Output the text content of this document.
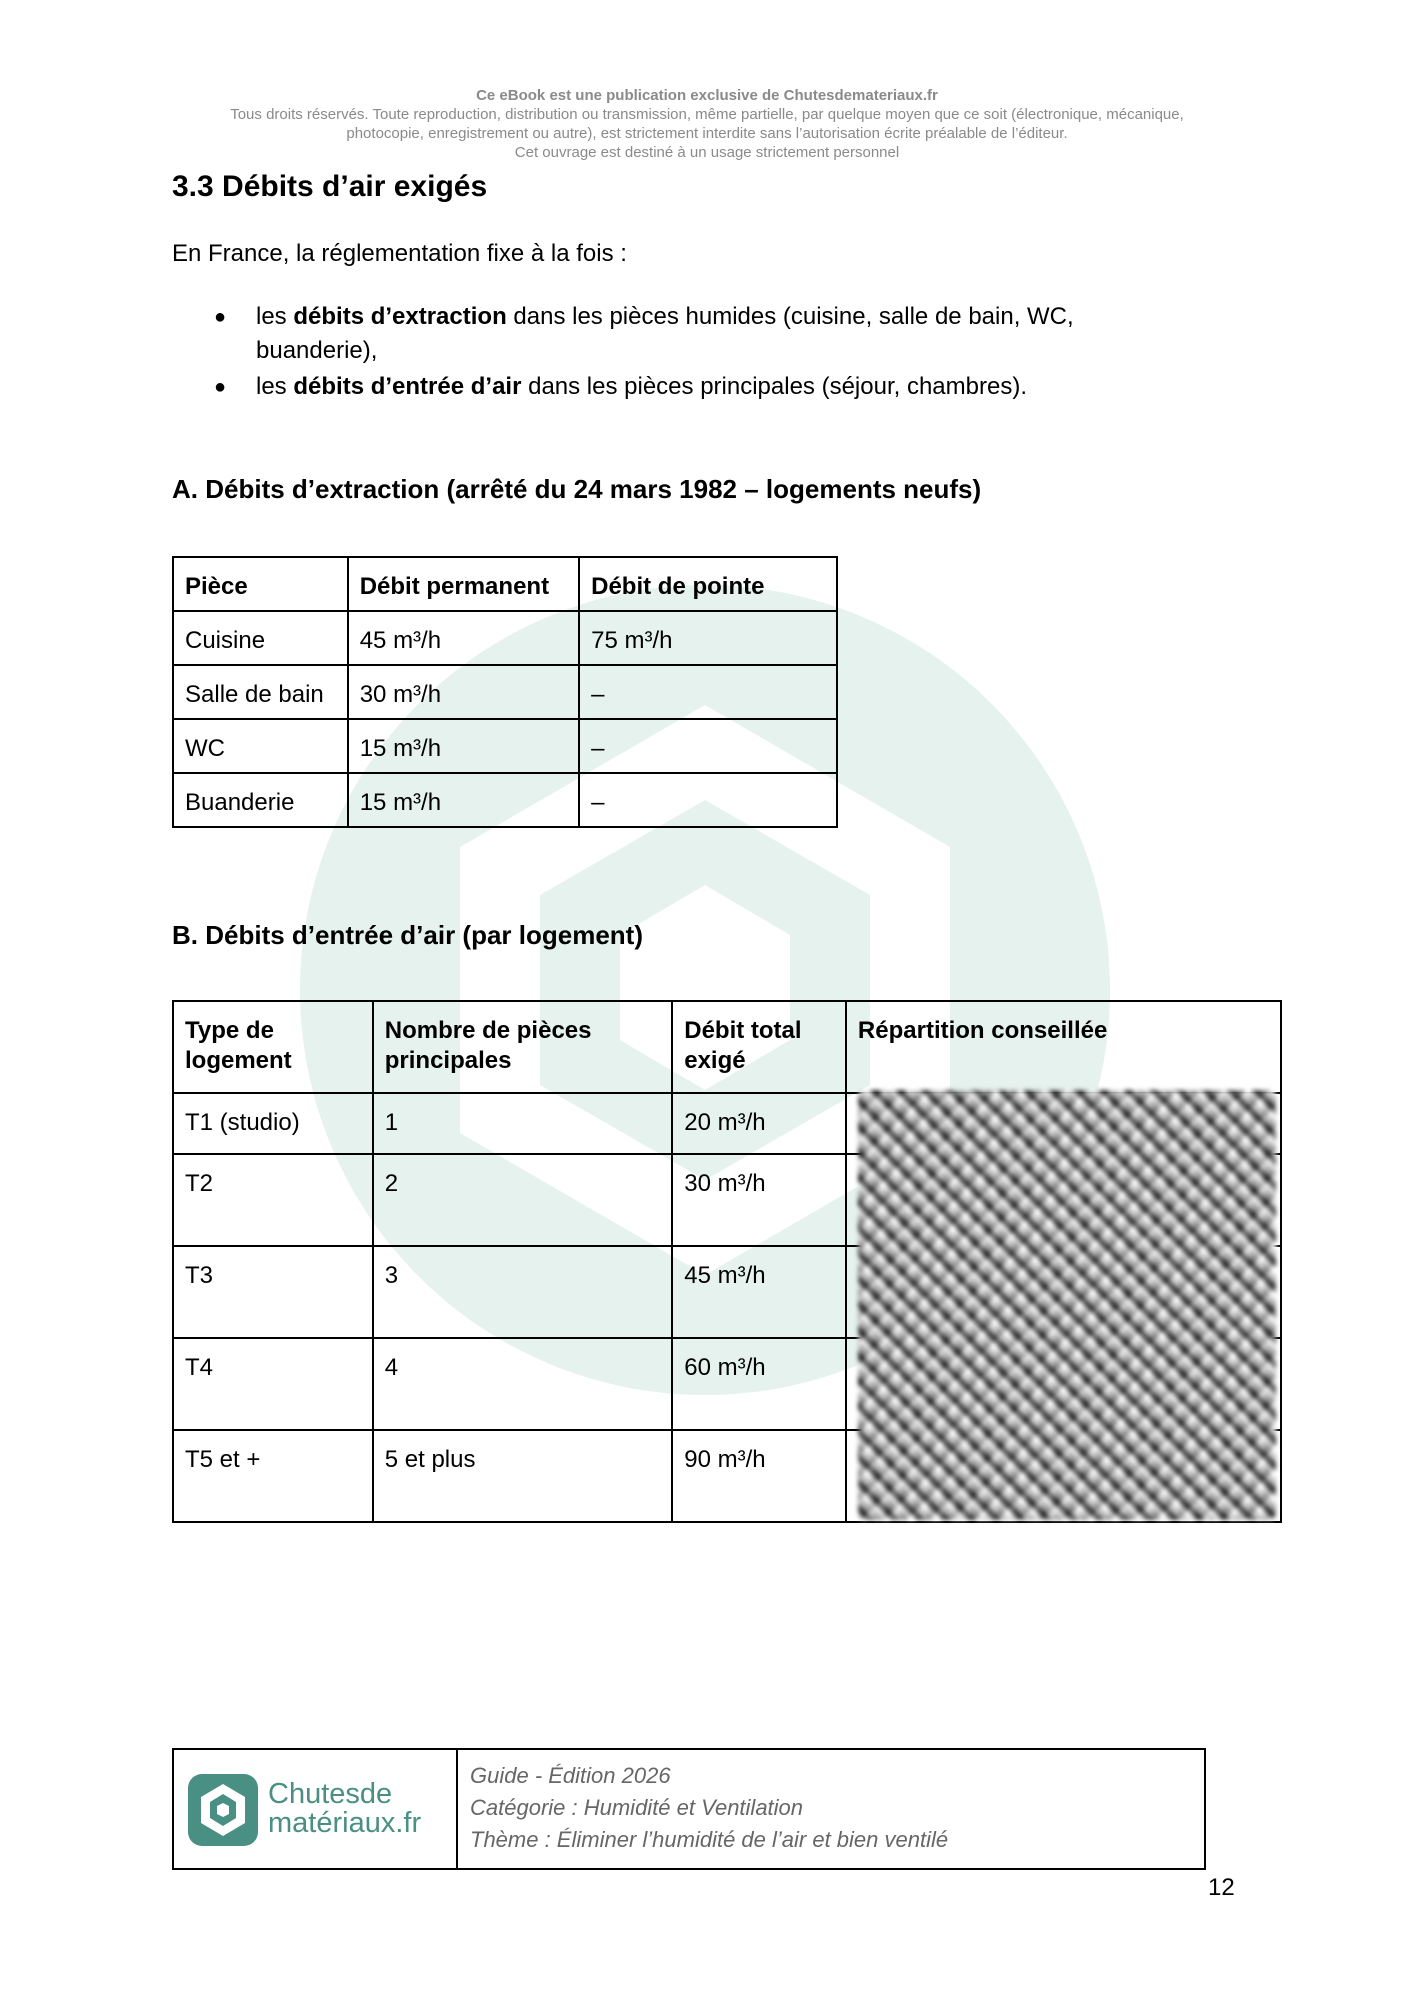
Ce eBook est une publication exclusive de Chutesdemateriaux.fr
Tous droits réservés. Toute reproduction, distribution ou transmission, même partielle, par quelque moyen que ce soit (électronique, mécanique,
photocopie, enregistrement ou autre), est strictement interdite sans l’autorisation écrite préalable de l’éditeur.
Cet ouvrage est destiné à un usage strictement personnel
3.3 Débits d’air exigés

En France, la réglementation fixe à la fois :

● les débits d’extraction dans les pièces humides (cuisine, salle de bain, WC, buanderie),
● les débits d’entrée d’air dans les pièces principales (séjour, chambres).
A. Débits d’extraction (arrêté du 24 mars 1982 – logements neufs)
Pièce	Débit permanent	Débit de pointe
Cuisine	45 m³/h	75 m³/h
Salle de bain	30 m³/h	–
WC	15 m³/h	–
Buanderie	15 m³/h	–
B. Débits d’entrée d’air (par logement)
Type de logement	Nombre de pièces principales	Débit total exigé	Répartition conseillée
T1 (studio)	1	20 m³/h	
T2	2	30 m³/h	
T3	3	45 m³/h	
T4	4	60 m³/h	
T5 et +	5 et plus	90 m³/h	
Chutesde
matériaux.fr
Guide - Édition 2026
Catégorie : Humidité et Ventilation
Thème : Éliminer l’humidité de l’air et bien ventilé
12
